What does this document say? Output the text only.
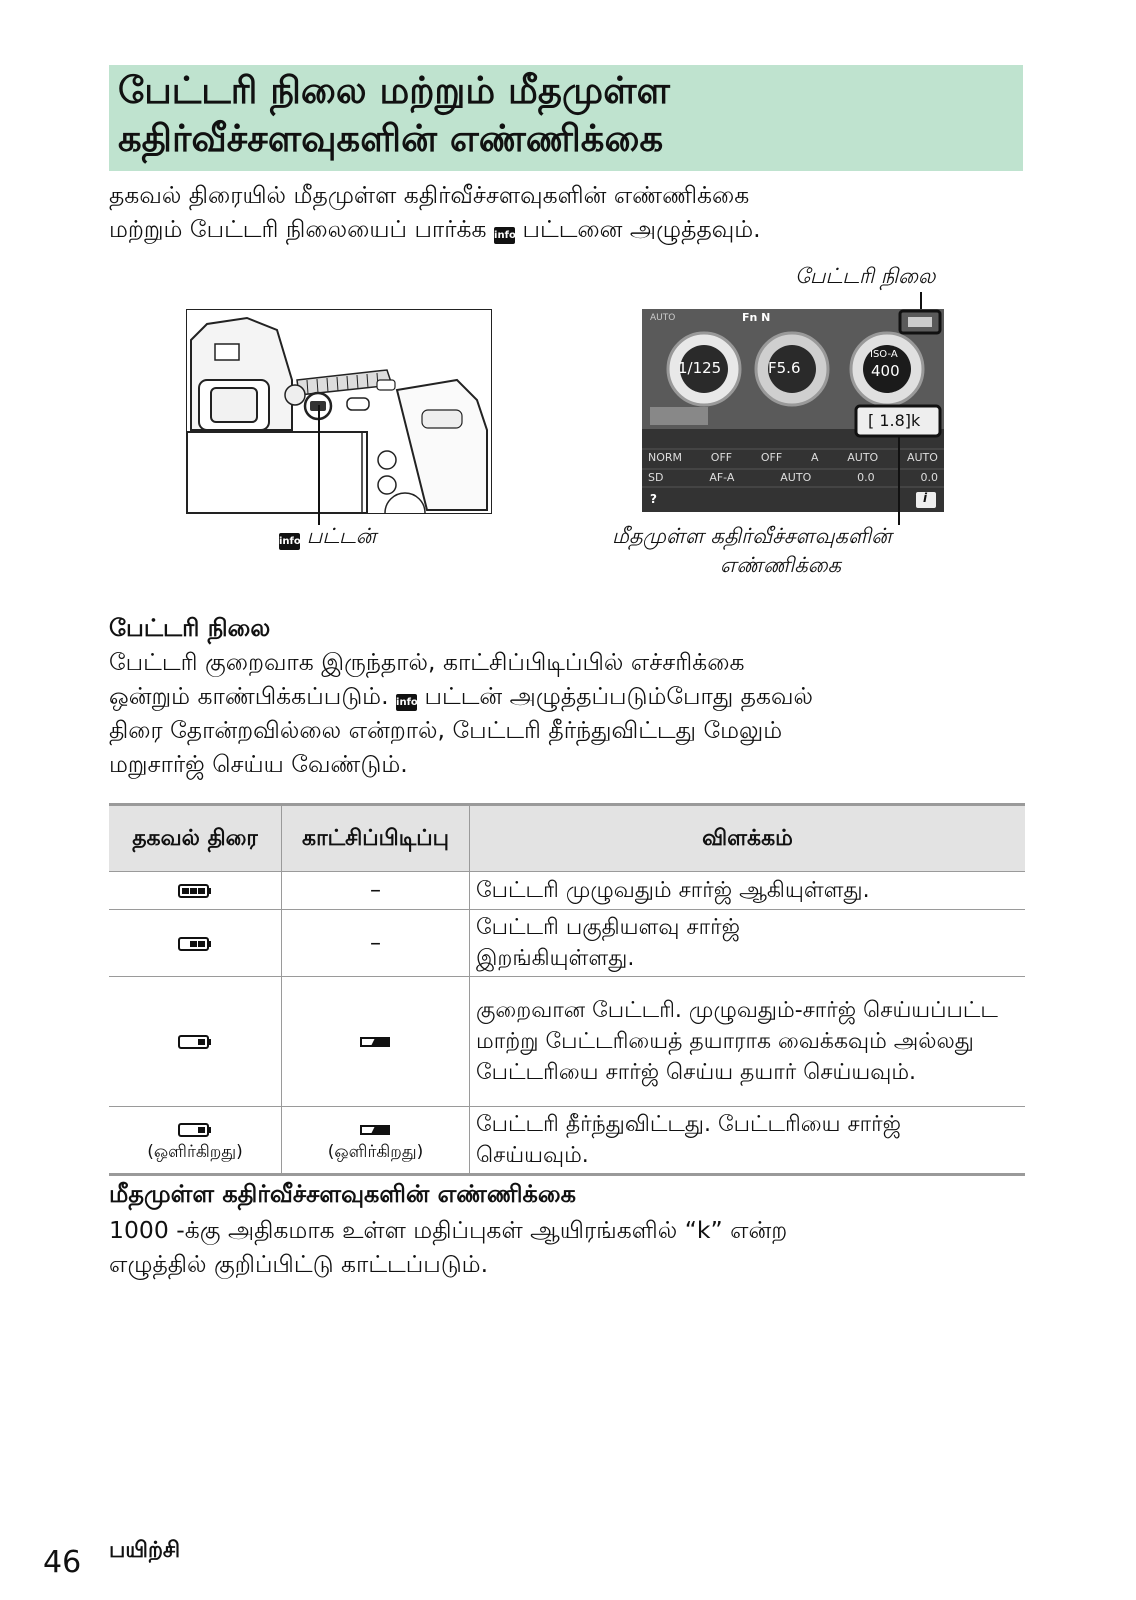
பேட்டரி நிலை மற்றும் மீதமுள்ள
கதிர்வீச்சளவுகளின் எண்ணிக்கை
தகவல் திரையில் மீதமுள்ள கதிர்வீச்சளவுகளின் எண்ணிக்கை
மற்றும் பேட்டரி நிலையைப் பார்க்க info பட்டனை அழுத்தவும்.
பேட்டரி நிலை
info பட்டன்
AUTO	Fn N
1/125	F5.6
ISO-A
400
[ 1.8]k
NORM	OFF	OFF	A	AUTO	AUTO
SD	AF-A	AUTO	0.0	0.0
?	i
மீதமுள்ள கதிர்வீச்சளவுகளின்
எண்ணிக்கை
பேட்டரி நிலை
பேட்டரி குறைவாக இருந்தால், காட்சிப்பிடிப்பில் எச்சரிக்கை
ஒன்றும் காண்பிக்கப்படும். info பட்டன் அழுத்தப்படும்போது தகவல்
திரை தோன்றவில்லை என்றால், பேட்டரி தீர்ந்துவிட்டது மேலும்
மறுசார்ஜ் செய்ய வேண்டும்.
தகவல் திரை	காட்சிப்பிடிப்பு	விளக்கம்
	–	பேட்டரி முழுவதும் சார்ஜ் ஆகியுள்ளது.
	–	பேட்டரி பகுதியளவு சார்ஜ் இறங்கியுள்ளது.
		குறைவான பேட்டரி. முழுவதும்-சார்ஜ் செய்யப்பட்ட மாற்று பேட்டரியைத் தயாராக வைக்கவும் அல்லது பேட்டரியை சார்ஜ் செய்ய தயார் செய்யவும்.

(ஒளிர்கிறது)	(ஒளிர்கிறது)	பேட்டரி தீர்ந்துவிட்டது. பேட்டரியை சார்ஜ் செய்யவும்.
மீதமுள்ள கதிர்வீச்சளவுகளின் எண்ணிக்கை
1000 -க்கு அதிகமாக உள்ள மதிப்புகள் ஆயிரங்களில் “k” என்ற
எழுத்தில் குறிப்பிட்டு காட்டப்படும்.
46 பயிற்சி
